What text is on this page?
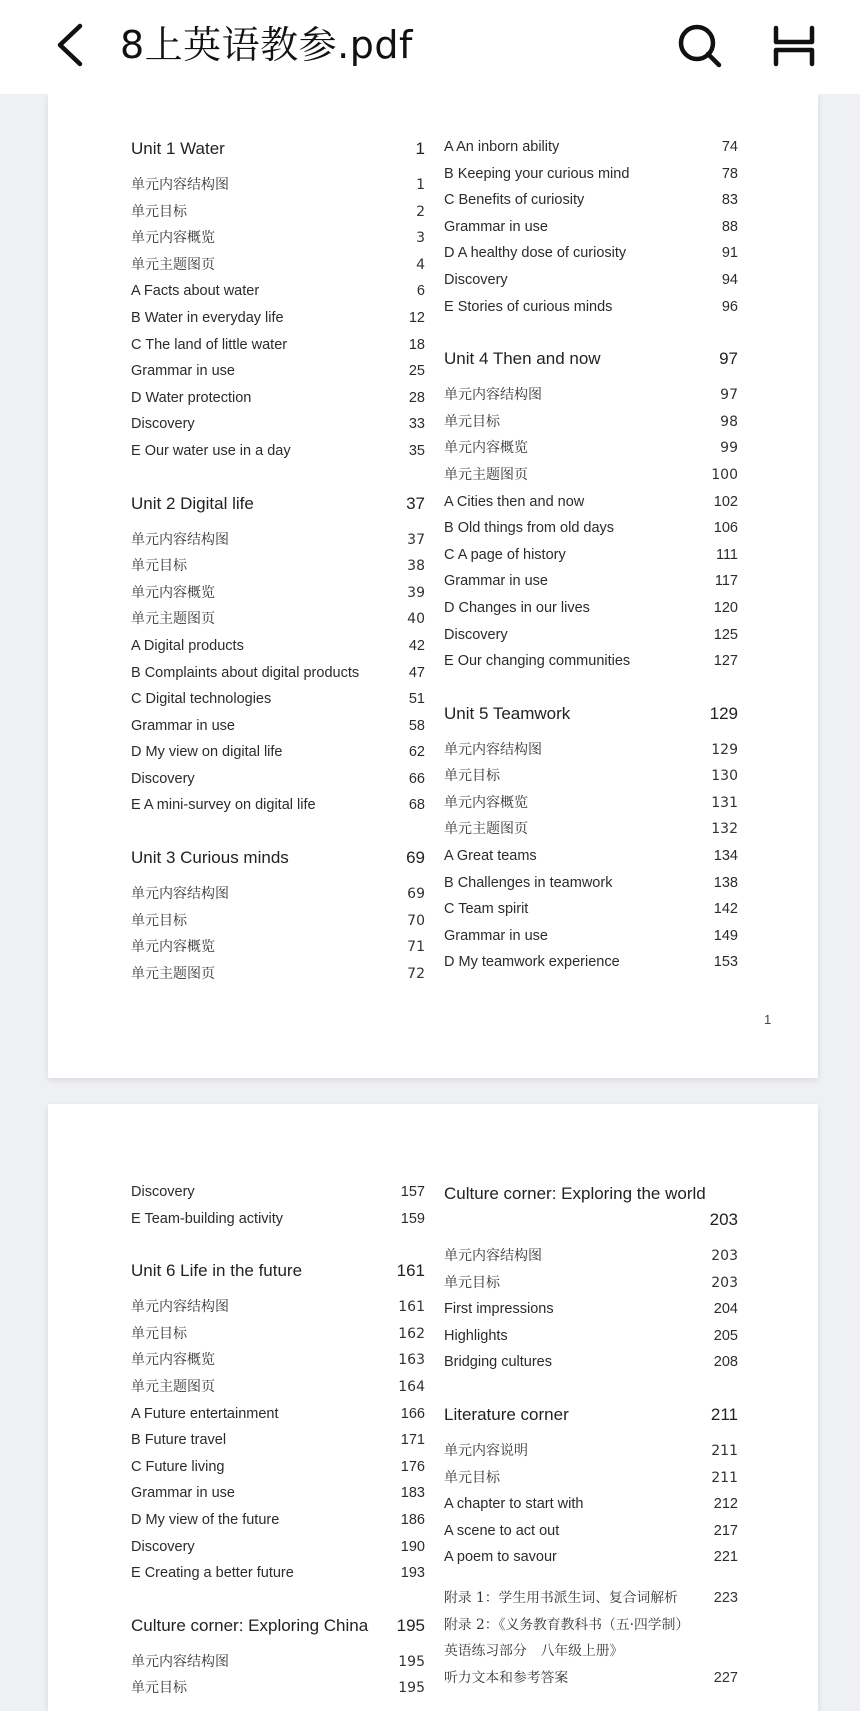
8上英语教参.pdf
Unit 1 Water	1
单元内容结构图	1
单元目标	2
单元内容概览	3
单元主题图页	4
A Facts about water	6
B Water in everyday life	12
C The land of little water	18
Grammar in use	25
D Water protection	28
Discovery	33
E Our water use in a day	35
Unit 2 Digital life	37
单元内容结构图	37
单元目标	38
单元内容概览	39
单元主题图页	40
A Digital products	42
B Complaints about digital products	47
C Digital technologies	51
Grammar in use	58
D My view on digital life	62
Discovery	66
E A mini-survey on digital life	68
Unit 3 Curious minds	69
单元内容结构图	69
单元目标	70
单元内容概览	71
单元主题图页	72
A An inborn ability	74
B Keeping your curious mind	78
C Benefits of curiosity	83
Grammar in use	88
D A healthy dose of curiosity	91
Discovery	94
E Stories of curious minds	96
Unit 4 Then and now	97
单元内容结构图	97
单元目标	98
单元内容概览	99
单元主题图页	100
A Cities then and now	102
B Old things from old days	106
C A page of history	111
Grammar in use	117
D Changes in our lives	120
Discovery	125
E Our changing communities	127
Unit 5 Teamwork	129
单元内容结构图	129
单元目标	130
单元内容概览	131
单元主题图页	132
A Great teams	134
B Challenges in teamwork	138
C Team spirit	142
Grammar in use	149
D My teamwork experience	153
1
Discovery	157
E Team-building activity	159
Unit 6 Life in the future	161
单元内容结构图	161
单元目标	162
单元内容概览	163
单元主题图页	164
A Future entertainment	166
B Future travel	171
C Future living	176
Grammar in use	183
D My view of the future	186
Discovery	190
E Creating a better future	193
Culture corner: Exploring China 195
单元内容结构图	195
单元目标	195
Culture corner: Exploring the world
203
单元内容结构图	203
单元目标	203
First impressions	204
Highlights	205
Bridging cultures	208
Literature corner	211
单元内容说明	211
单元目标	211
A chapter to start with	212
A scene to act out	217
A poem to savour	221
附录 1：学生用书派生词、复合词解析 223
附录 2：《义务教育教科书（五·四学制）
英语练习部分　八年级上册》
听力文本和参考答案	227
